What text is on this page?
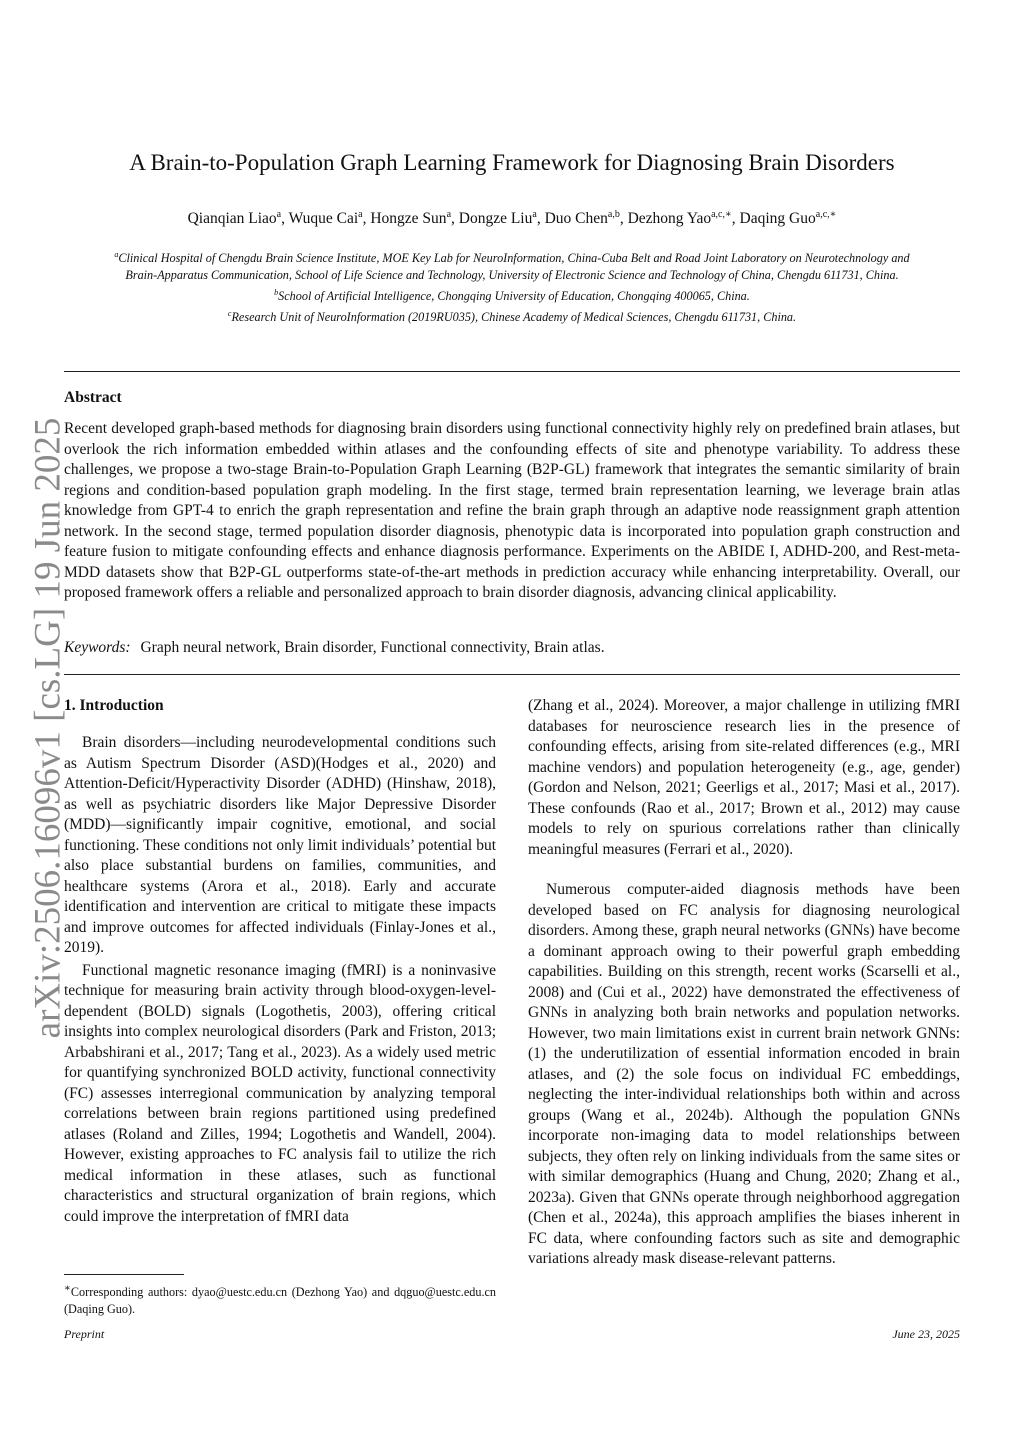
arXiv:2506.16096v1 [cs.LG] 19 Jun 2025
A Brain-to-Population Graph Learning Framework for Diagnosing Brain Disorders
Qianqian Liao$^a$, Wuque Cai$^a$, Hongze Sun$^a$, Dongze Liu$^a$, Duo Chen$^{a,b}$, Dezhong Yao$^{a,c,∗}$, Daqing Guo$^{a,c,∗}$
$^a$Clinical Hospital of Chengdu Brain Science Institute, MOE Key Lab for NeuroInformation, China-Cuba Belt and Road Joint Laboratory on Neurotechnology and
Brain-Apparatus Communication, School of Life Science and Technology, University of Electronic Science and Technology of China, Chengdu 611731, China.
$^b$School of Artificial Intelligence, Chongqing University of Education, Chongqing 400065, China.
$^c$Research Unit of NeuroInformation (2019RU035), Chinese Academy of Medical Sciences, Chengdu 611731, China.
Abstract
Recent developed graph-based methods for diagnosing brain disorders using functional connectivity highly rely on predefined brain atlases, but overlook the rich information embedded within atlases and the confounding effects of site and phenotype variability. To address these challenges, we propose a two-stage Brain-to-Population Graph Learning (B2P-GL) framework that integrates the semantic similarity of brain regions and condition-based population graph modeling. In the first stage, termed brain representation learning, we leverage brain atlas knowledge from GPT-4 to enrich the graph representation and refine the brain graph through an adaptive node reassignment graph attention network. In the second stage, termed population disorder diagnosis, phenotypic data is incorporated into population graph construction and feature fusion to mitigate confounding effects and enhance diagnosis performance. Experiments on the ABIDE I, ADHD-200, and Rest-meta-MDD datasets show that B2P-GL outperforms state-of-the-art methods in prediction accuracy while enhancing interpretability. Overall, our proposed framework offers a reliable and personalized approach to brain disorder diagnosis, advancing clinical applicability.
Keywords: Graph neural network, Brain disorder, Functional connectivity, Brain atlas.
1. Introduction

Brain disorders—including neurodevelopmental conditions such as Autism Spectrum Disorder (ASD)(Hodges et al., 2020) and Attention-Deficit/Hyperactivity Disorder (ADHD) (Hinshaw, 2018), as well as psychiatric disorders like Major Depressive Disorder (MDD)—significantly impair cognitive, emotional, and social functioning. These conditions not only limit individuals’ potential but also place substantial burdens on families, communities, and healthcare systems (Arora et al., 2018). Early and accurate identification and intervention are critical to mitigate these impacts and improve outcomes for affected individuals (Finlay-Jones et al., 2019).

Functional magnetic resonance imaging (fMRI) is a noninvasive technique for measuring brain activity through blood-oxygen-level-dependent (BOLD) signals (Logothetis, 2003), offering critical insights into complex neurological disorders (Park and Friston, 2013; Arbabshirani et al., 2017; Tang et al., 2023). As a widely used metric for quantifying synchronized BOLD activity, functional connectivity (FC) assesses interregional communication by analyzing temporal correlations between brain regions partitioned using predefined atlases (Roland and Zilles, 1994; Logothetis and Wandell, 2004). However, existing approaches to FC analysis fail to utilize the rich medical information in these atlases, such as functional characteristics and structural organization of brain regions, which could improve the interpretation of fMRI data

(Zhang et al., 2024). Moreover, a major challenge in utilizing fMRI databases for neuroscience research lies in the presence of confounding effects, arising from site-related differences (e.g., MRI machine vendors) and population heterogeneity (e.g., age, gender) (Gordon and Nelson, 2021; Geerligs et al., 2017; Masi et al., 2017). These confounds (Rao et al., 2017; Brown et al., 2012) may cause models to rely on spurious correlations rather than clinically meaningful measures (Ferrari et al., 2020).

Numerous computer-aided diagnosis methods have been developed based on FC analysis for diagnosing neurological disorders. Among these, graph neural networks (GNNs) have become a dominant approach owing to their powerful graph embedding capabilities. Building on this strength, recent works (Scarselli et al., 2008) and (Cui et al., 2022) have demonstrated the effectiveness of GNNs in analyzing both brain networks and population networks. However, two main limitations exist in current brain network GNNs: (1) the underutilization of essential information encoded in brain atlases, and (2) the sole focus on individual FC embeddings, neglecting the inter-individual relationships both within and across groups (Wang et al., 2024b). Although the population GNNs incorporate non-imaging data to model relationships between subjects, they often rely on linking individuals from the same sites or with similar demographics (Huang and Chung, 2020; Zhang et al., 2023a). Given that GNNs operate through neighborhood aggregation (Chen et al., 2024a), this approach amplifies the biases inherent in FC data, where confounding factors such as site and demographic variations already mask disease-relevant patterns.

∗Corresponding authors: dyao@uestc.edu.cn (Dezhong Yao) and dqguo@uestc.edu.cn (Daqing Guo).
Preprint	June 23, 2025
